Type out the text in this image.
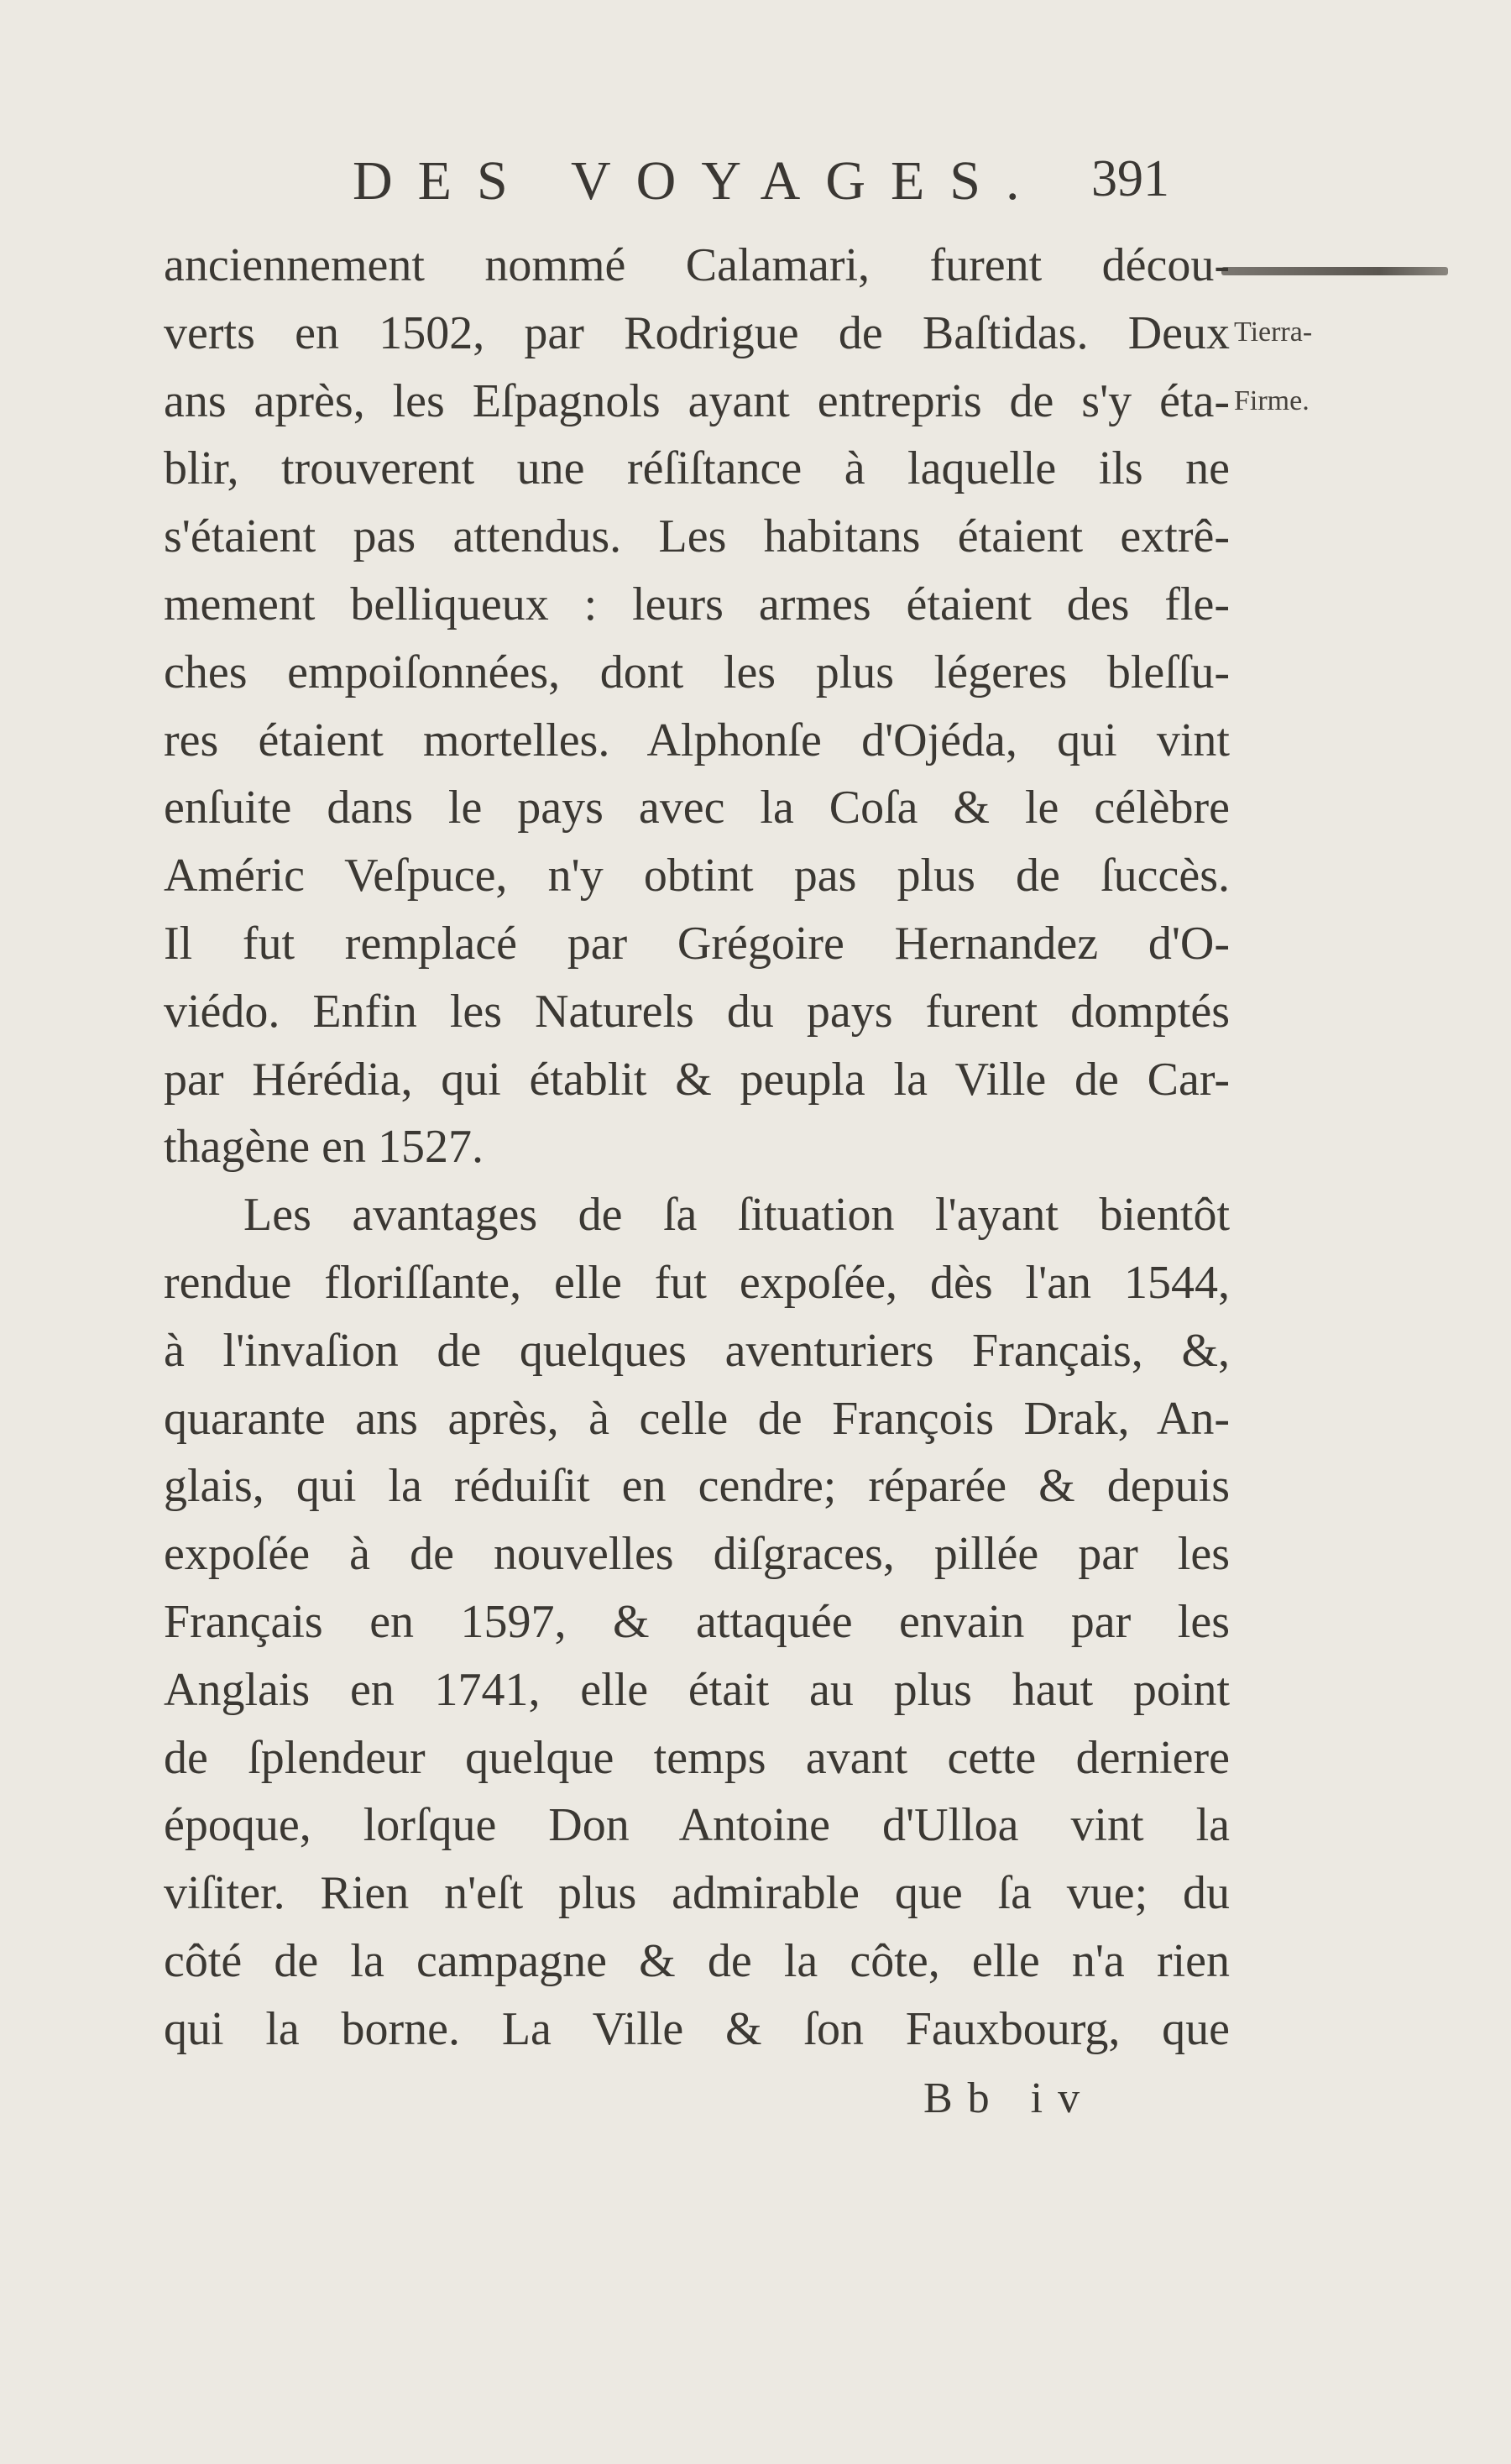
DES VOYAGES. 391
Tierra-
Firme.
anciennement nommé Calamari, furent décou-
verts en 1502, par Rodrigue de Baſtidas. Deux
ans après, les Eſpagnols ayant entrepris de s'y éta-
blir, trouverent une réſiſtance à laquelle ils ne
s'étaient pas attendus. Les habitans étaient extrê-
mement belliqueux : leurs armes étaient des fle-
ches empoiſonnées, dont les plus légeres bleſſu-
res étaient mortelles. Alphonſe d'Ojéda, qui vint
enſuite dans le pays avec la Coſa & le célèbre
Améric Veſpuce, n'y obtint pas plus de ſuccès.
Il fut remplacé par Grégoire Hernandez d'O-
viédo. Enfin les Naturels du pays furent domptés
par Hérédia, qui établit & peupla la Ville de Car-
thagène en 1527.
Les avantages de ſa ſituation l'ayant bientôt
rendue floriſſante, elle fut expoſée, dès l'an 1544,
à l'invaſion de quelques aventuriers Français, &,
quarante ans après, à celle de François Drak, An-
glais, qui la réduiſit en cendre; réparée & depuis
expoſée à de nouvelles diſgraces, pillée par les
Français en 1597, & attaquée envain par les
Anglais en 1741, elle était au plus haut point
de ſplendeur quelque temps avant cette derniere
époque, lorſque Don Antoine d'Ulloa vint la
viſiter. Rien n'eſt plus admirable que ſa vue; du
côté de la campagne & de la côte, elle n'a rien
qui la borne. La Ville & ſon Fauxbourg, que
Bb iv
